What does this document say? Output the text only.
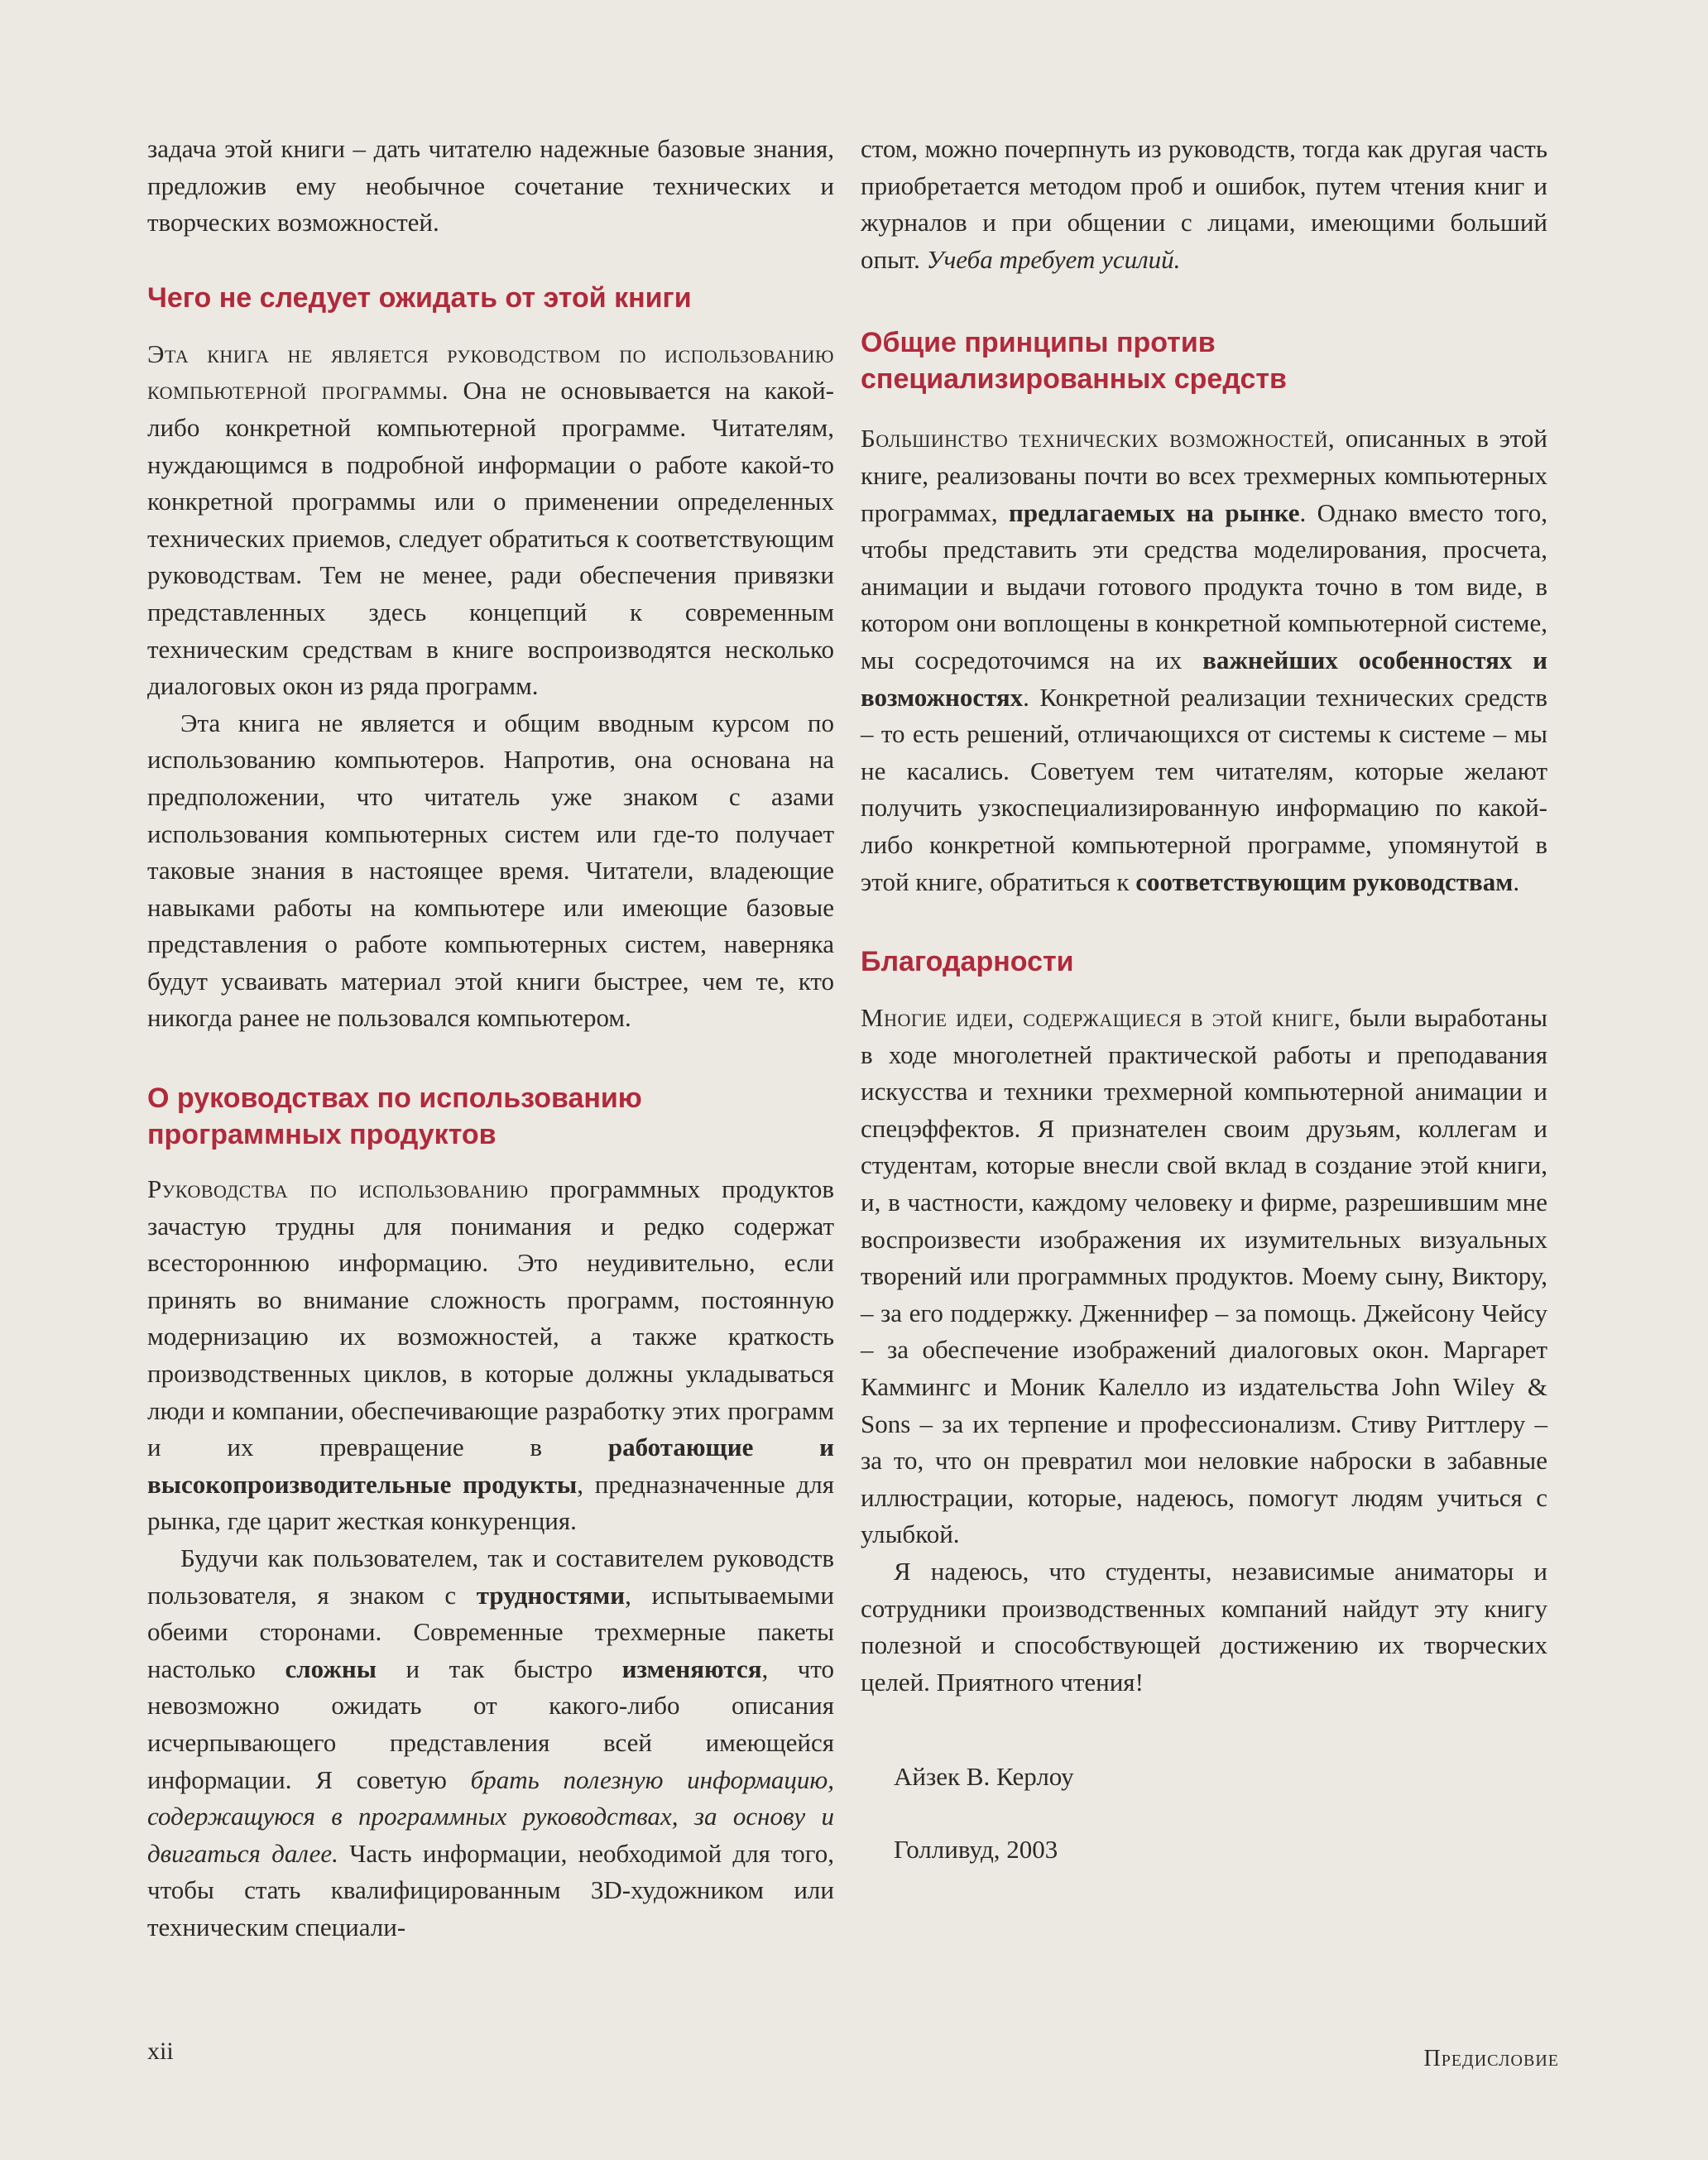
задача этой книги – дать читателю надежные базовые знания, предложив ему необычное сочетание технических и творческих возможностей.

Чего не следует ожидать от этой книги

Эта книга не является руководством по использованию компьютерной программы. Она не основывается на какой-либо конкретной компьютерной программе. Читателям, нуждающимся в подробной информации о работе какой-то конкретной программы или о применении определенных технических приемов, следует обратиться к соответствующим руководствам. Тем не менее, ради обеспечения привязки представленных здесь концепций к современным техническим средствам в книге воспроизводятся несколько диалоговых окон из ряда программ.

Эта книга не является и общим вводным курсом по использованию компьютеров. Напротив, она основана на предположении, что читатель уже знаком с азами использования компьютерных систем или где-то получает таковые знания в настоящее время. Читатели, владеющие навыками работы на компьютере или имеющие базовые представления о работе компьютерных систем, наверняка будут усваивать материал этой книги быстрее, чем те, кто никогда ранее не пользовался компьютером.

О руководствах по использованию
программных продуктов

Руководства по использованию программных продуктов зачастую трудны для понимания и редко содержат всестороннюю информацию. Это неудивительно, если принять во внимание сложность программ, постоянную модернизацию их возможностей, а также краткость производственных циклов, в которые должны укладываться люди и компании, обеспечивающие разработку этих программ и их превращение в работающие и высокопроизводительные продукты, предназначенные для рынка, где царит жесткая конкуренция.

Будучи как пользователем, так и составителем руководств пользователя, я знаком с трудностями, испытываемыми обеими сторонами. Современные трехмерные пакеты настолько сложны и так быстро изменяются, что невозможно ожидать от какого-либо описания исчерпывающего представления всей имеющейся информации. Я советую брать полезную информацию, содержащуюся в программных руководствах, за основу и двигаться далее. Часть информации, необходимой для того, чтобы стать квалифицированным 3D-художником или техническим специали-

стом, можно почерпнуть из руководств, тогда как другая часть приобретается методом проб и ошибок, путем чтения книг и журналов и при общении с лицами, имеющими больший опыт. Учеба требует усилий.

Общие принципы против
специализированных средств

Большинство технических возможностей, описанных в этой книге, реализованы почти во всех трехмерных компьютерных программах, предлагаемых на рынке. Однако вместо того, чтобы представить эти средства моделирования, просчета, анимации и выдачи готового продукта точно в том виде, в котором они воплощены в конкретной компьютерной системе, мы сосредоточимся на их важнейших особенностях и возможностях. Конкретной реализации технических средств – то есть решений, отличающихся от системы к системе – мы не касались. Советуем тем читателям, которые желают получить узкоспециализированную информацию по какой-либо конкретной компьютерной программе, упомянутой в этой книге, обратиться к соответствующим руководствам.

Благодарности

Многие идеи, содержащиеся в этой книге, были выработаны в ходе многолетней практической работы и преподавания искусства и техники трехмерной компьютерной анимации и спецэффектов. Я признателен своим друзьям, коллегам и студентам, которые внесли свой вклад в создание этой книги, и, в частности, каждому человеку и фирме, разрешившим мне воспроизвести изображения их изумительных визуальных творений или программных продуктов. Моему сыну, Виктору, – за его поддержку. Дженнифер – за помощь. Джейсону Чейсу – за обеспечение изображений диалоговых окон. Маргарет Каммингс и Моник Калелло из издательства John Wiley & Sons – за их терпение и профессионализм. Стиву Риттлеру – за то, что он превратил мои неловкие наброски в забавные иллюстрации, которые, надеюсь, помогут людям учиться с улыбкой.

Я надеюсь, что студенты, независимые аниматоры и сотрудники производственных компаний найдут эту книгу полезной и способствующей достижению их творческих целей. Приятного чтения!

Айзек В. Керлоу
Голливуд, 2003
xii	Предисловие
